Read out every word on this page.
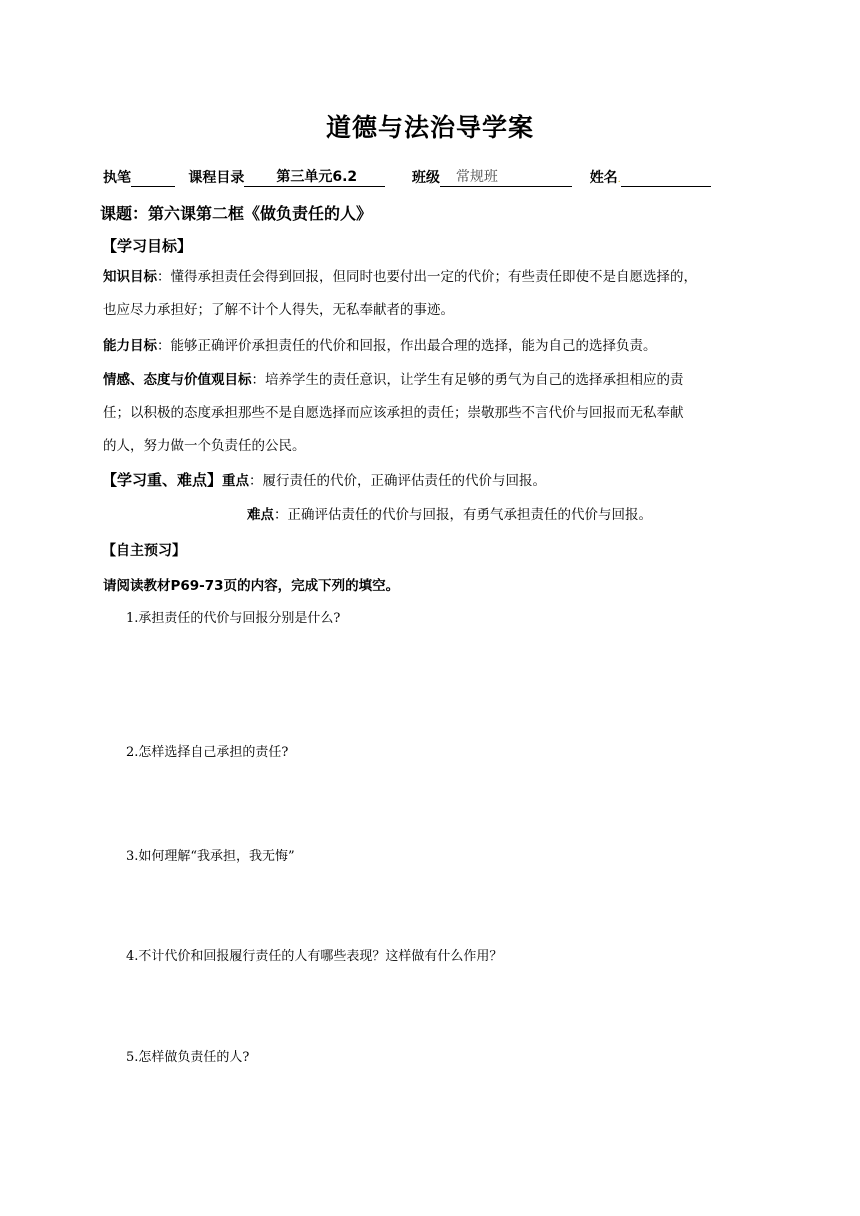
道德与法治导学案
执笔	课程目录 第三单元6.2	班级 常规班	姓名.
课题：第六课第二框《做负责任的人》
【学习目标】
知识目标：懂得承担责任会得到回报，但同时也要付出一定的代价；有些责任即使不是自愿选择的，
也应尽力承担好；了解不计个人得失，无私奉献者的事迹。
能力目标：能够正确评价承担责任的代价和回报，作出最合理的选择，能为自己的选择负责。
情感、态度与价值观目标：培养学生的责任意识，让学生有足够的勇气为自己的选择承担相应的责
任；以积极的态度承担那些不是自愿选择而应该承担的责任；崇敬那些不言代价与回报而无私奉献
的人，努力做一个负责任的公民。
【学习重、难点】重点：履行责任的代价，正确评估责任的代价与回报。
难点：正确评估责任的代价与回报，有勇气承担责任的代价与回报。
【自主预习】
请阅读教材P69-73页的内容，完成下列的填空。
1.承担责任的代价与回报分别是什么?
2.怎样选择自己承担的责任?
3.如何理解“我承担，我无悔”
4.不计代价和回报履行责任的人有哪些表现？这样做有什么作用？
5.怎样做负责任的人?
